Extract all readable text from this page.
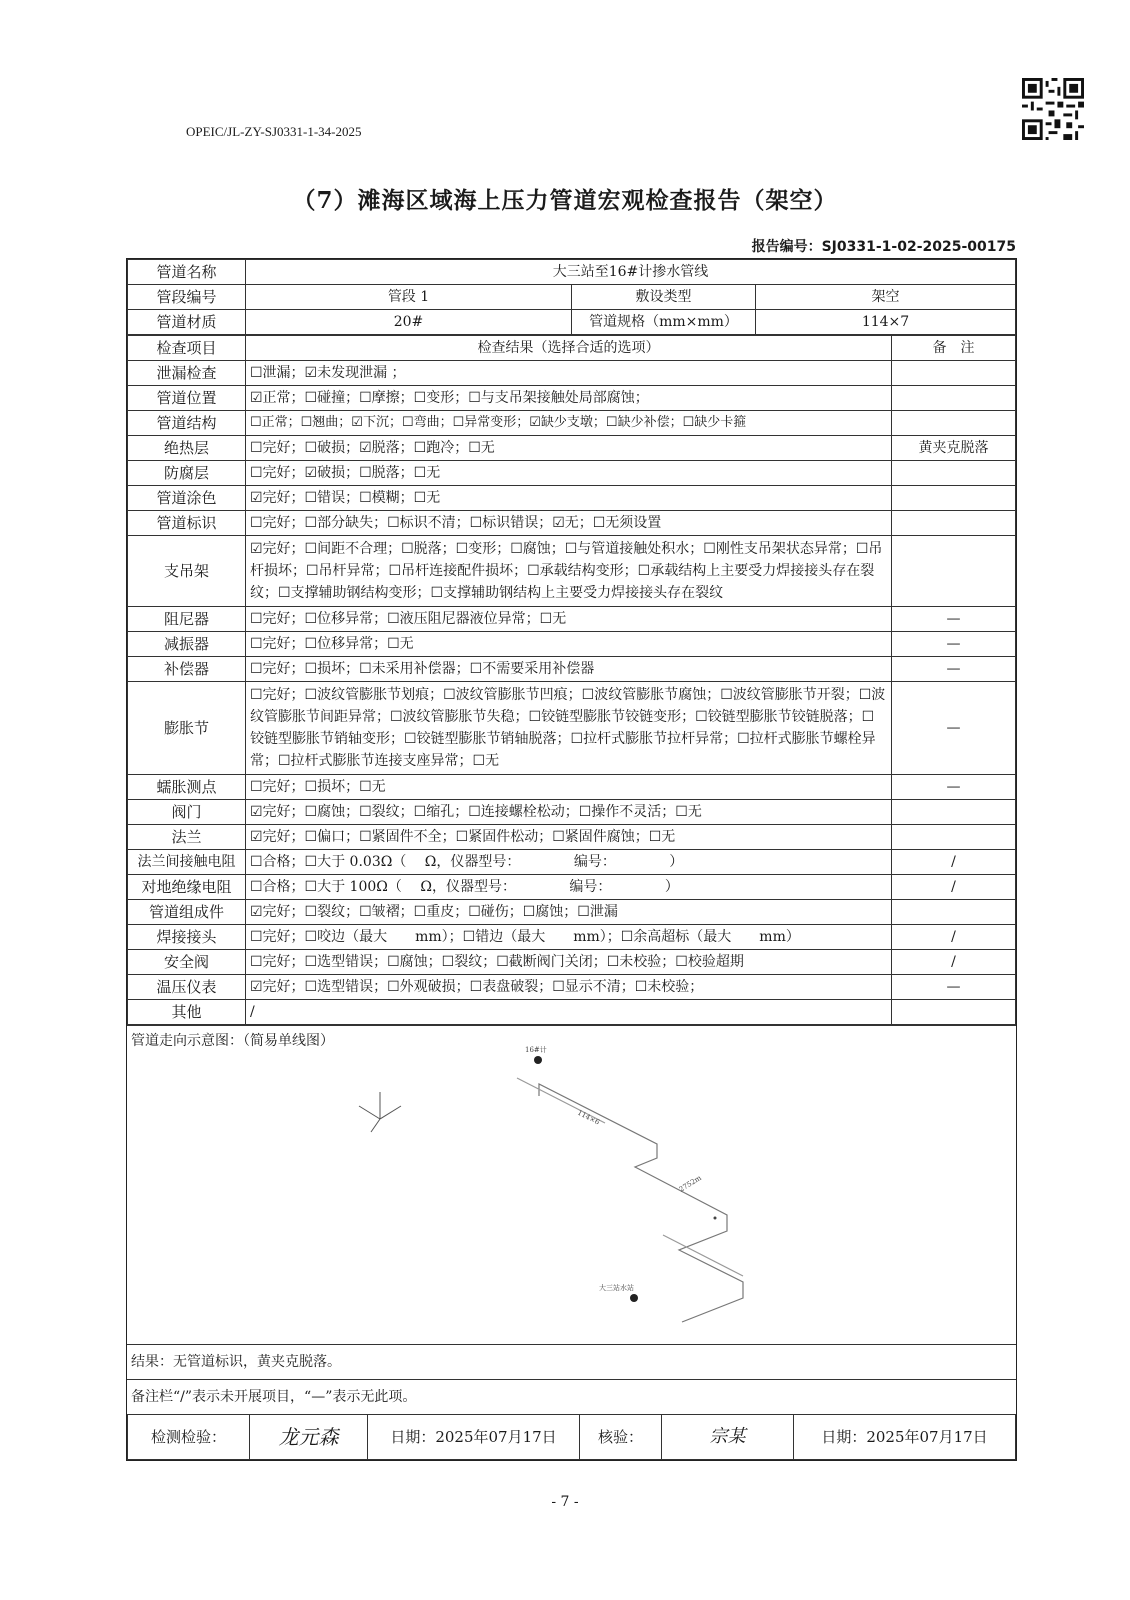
OPEIC/JL-ZY-SJ0331-1-34-2025
（7）滩海区域海上压力管道宏观检查报告（架空）
报告编号：SJ0331-1-02-2025-00175
管道名称	大三站至16#计掺水管线		
管段编号	管段 1	敷设类型	架空
管道材质	20#	管道规格（mm×mm）	114×7
检查项目	检查结果（选择合适的选项）	备　注
泄漏检查	☐泄漏；☑未发现泄漏 ；	
管道位置	☑正常；☐碰撞；☐摩擦；☐变形；☐与支吊架接触处局部腐蚀；	
管道结构	☐正常；☐翘曲；☑下沉；☐弯曲；☐异常变形；☑缺少支墩；☐缺少补偿；☐缺少卡箍	
绝热层	☐完好；☐破损；☑脱落；☐跑冷；☐无	黄夹克脱落
防腐层	☐完好；☑破损；☐脱落；☐无	
管道涂色	☑完好；☐错误；☐模糊；☐无	
管道标识	☐完好；☐部分缺失；☐标识不清；☐标识错误；☑无；☐无须设置	
支吊架	☑完好；☐间距不合理；☐脱落；☐变形；☐腐蚀；☐与管道接触处积水；☐刚性支吊架状态异常；☐吊杆损坏；☐吊杆异常；☐吊杆连接配件损坏；☐承载结构变形；☐承载结构上主要受力焊接接头存在裂纹；☐支撑辅助钢结构变形；☐支撑辅助钢结构上主要受力焊接接头存在裂纹	
阻尼器	☐完好；☐位移异常；☐液压阻尼器液位异常；☐无	—
减振器	☐完好；☐位移异常；☐无	—
补偿器	☐完好；☐损坏；☐未采用补偿器；☐不需要采用补偿器	—
膨胀节	☐完好；☐波纹管膨胀节划痕；☐波纹管膨胀节凹痕；☐波纹管膨胀节腐蚀；☐波纹管膨胀节开裂；☐波纹管膨胀节间距异常；☐波纹管膨胀节失稳；☐铰链型膨胀节铰链变形；☐铰链型膨胀节铰链脱落；☐铰链型膨胀节销轴变形；☐铰链型膨胀节销轴脱落；☐拉杆式膨胀节拉杆异常；☐拉杆式膨胀节螺栓异常；☐拉杆式膨胀节连接支座异常；☐无	—
蠕胀测点	☐完好；☐损坏；☐无	—
阀门	☑完好；☐腐蚀；☐裂纹；☐缩孔；☐连接螺栓松动；☐操作不灵活；☐无	
法兰	☑完好；☐偏口；☐紧固件不全；☐紧固件松动；☐紧固件腐蚀；☐无	
法兰间接触电阻	☐合格；☐大于 0.03Ω（　 Ω，仪器型号：　　　　 编号：　　　　 ）	/
对地绝缘电阻	☐合格；☐大于 100Ω（　 Ω，仪器型号：　　　　 编号：　　　　 ）	/
管道组成件	☑完好；☐裂纹；☐皱褶；☐重皮；☐碰伤；☐腐蚀；☐泄漏	
焊接接头	☐完好；☐咬边（最大　　mm）；☐错边（最大　　mm）；☐余高超标（最大　　mm）	/
安全阀	☐完好；☐选型错误；☐腐蚀；☐裂纹；☐截断阀门关闭；☐未校验；☐校验超期	/
温压仪表	☑完好；☐选型错误；☐外观破损；☐表盘破裂；☐显示不清；☐未校验；	—
其他	/	
管道走向示意图：（简易单线图）
16#计
大三站水站
114×6
2752m
结果：无管道标识，黄夹克脱落。
备注栏“/”表示未开展项目，“—”表示无此项。
检测检验：	龙元森	日期：2025年07月17日	核验：	宗某	日期：2025年07月17日
- 7 -
